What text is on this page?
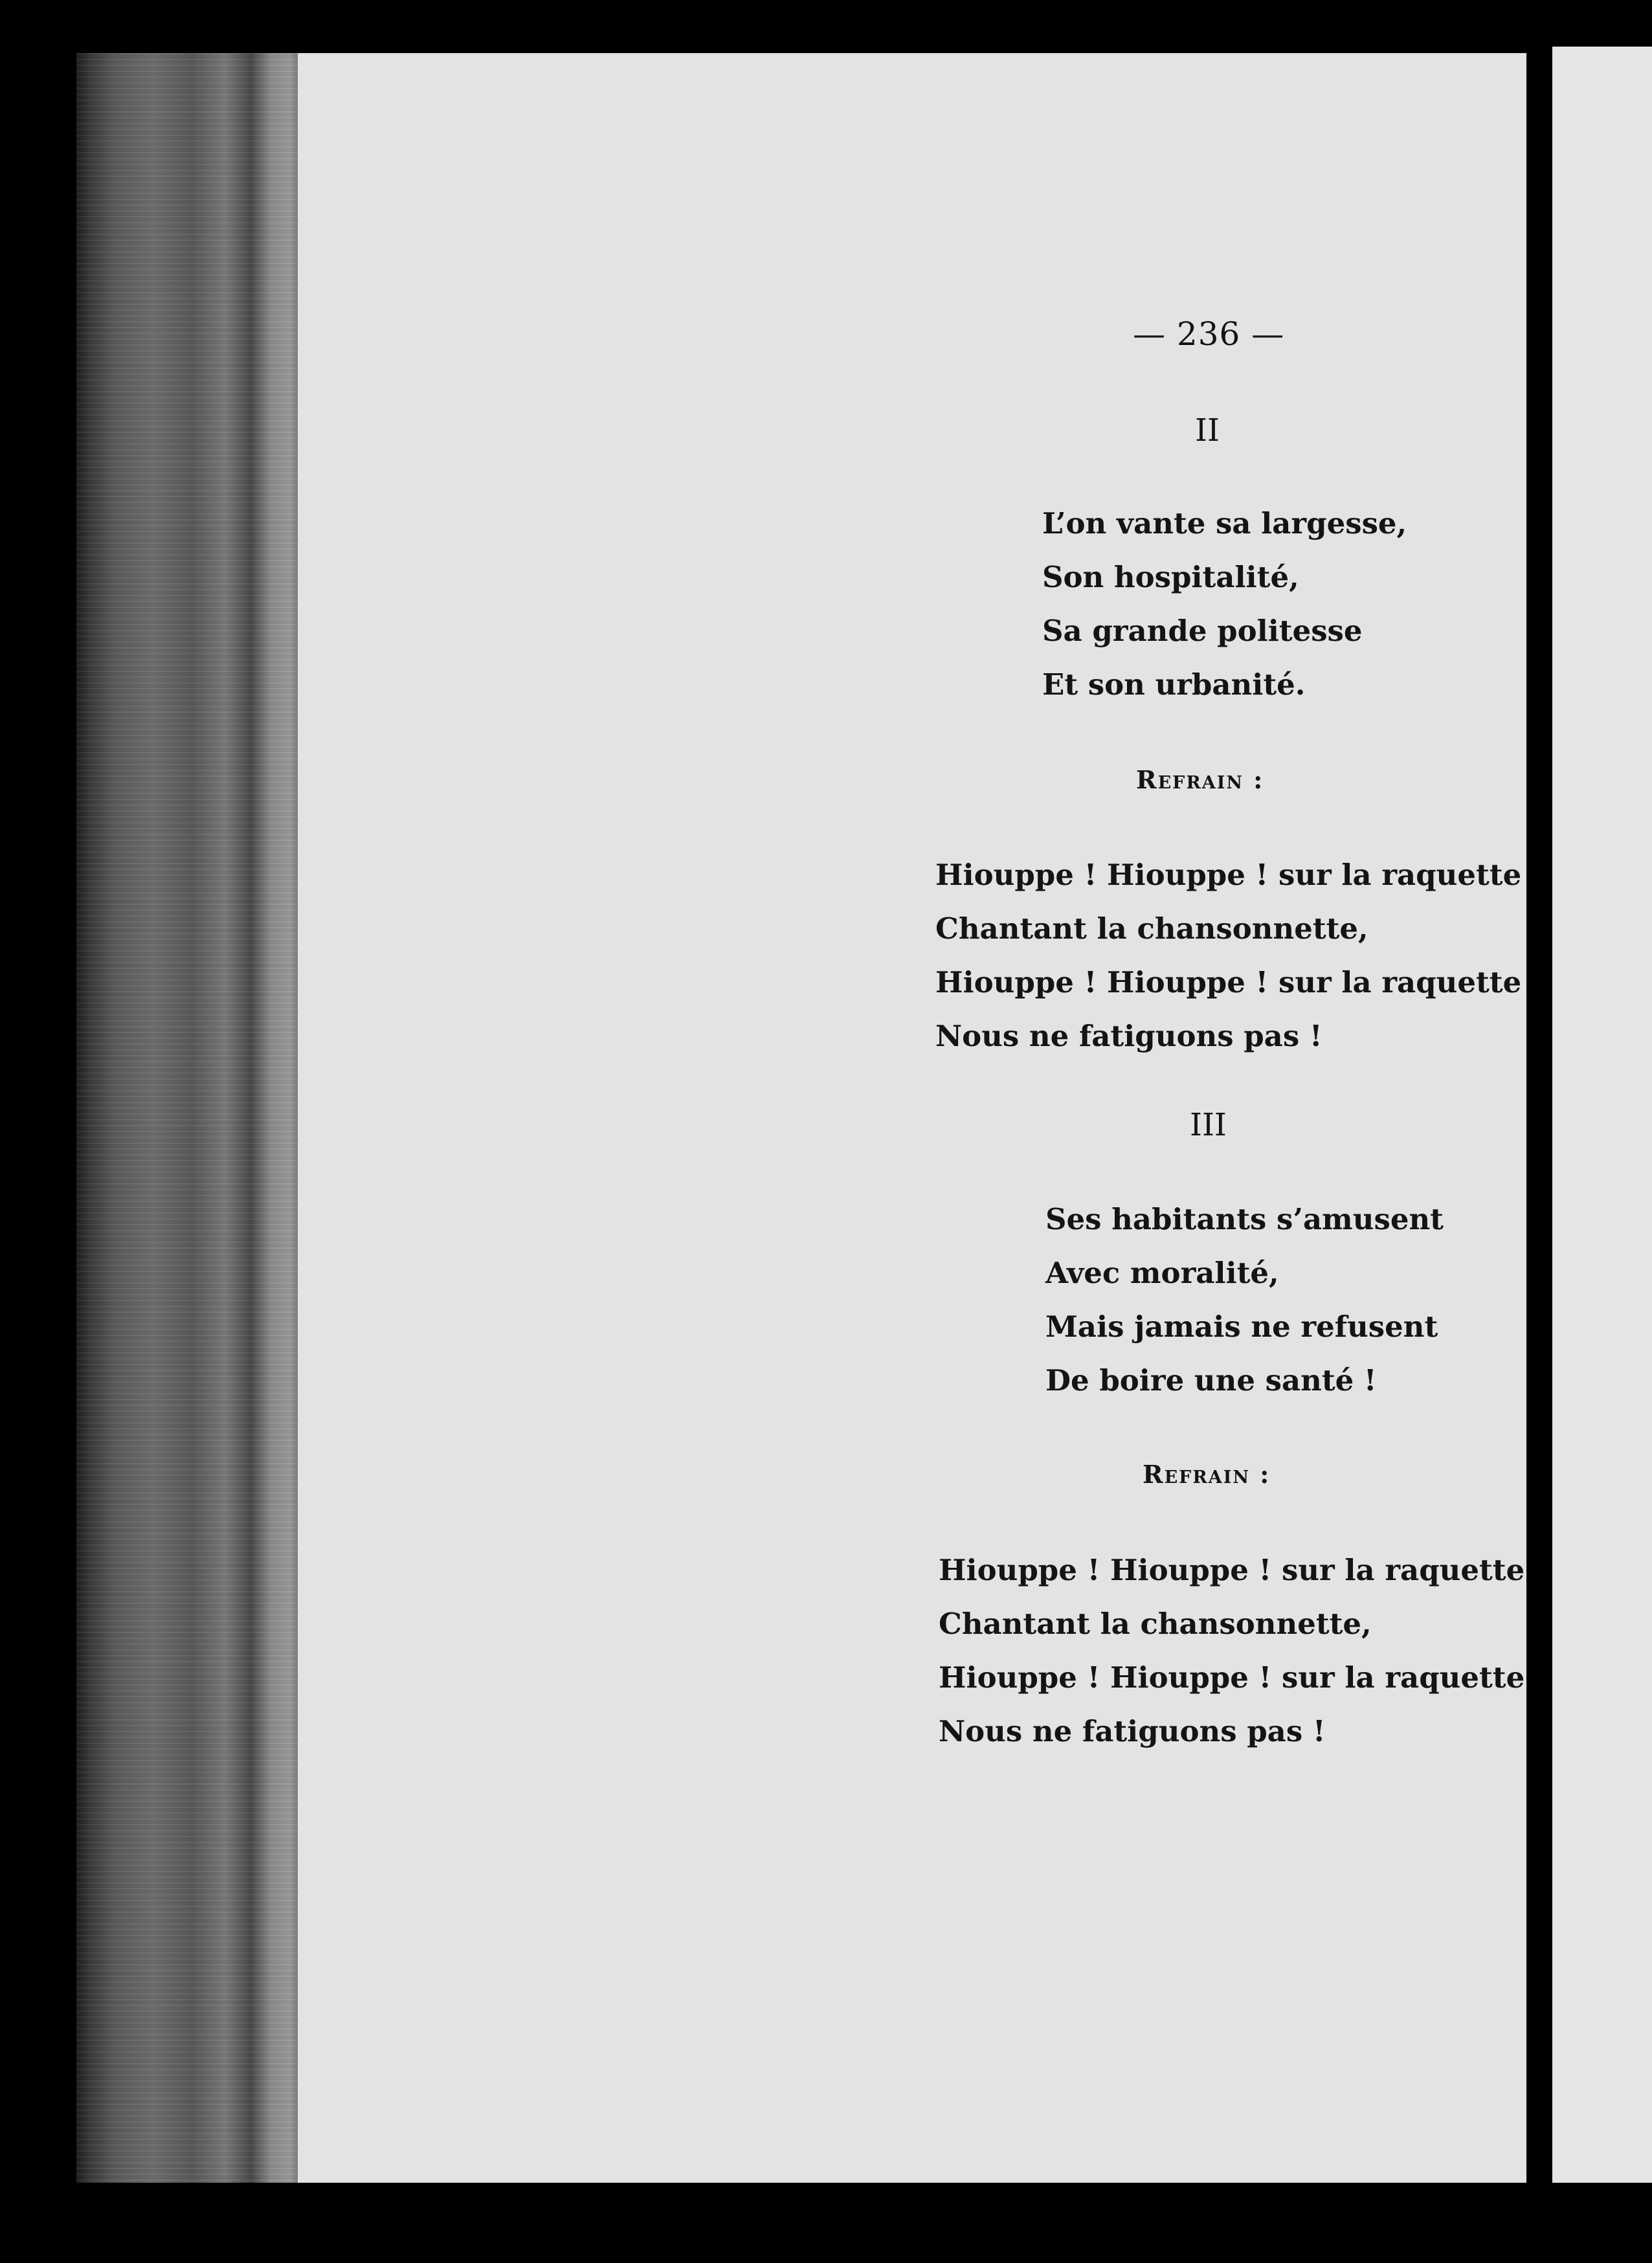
— 236 —

II

L’on vante sa largesse,

Son hospitalité,

Sa grande politesse

Et son urbanité.

Refrain :

Hiouppe ! Hiouppe ! sur la raquette

Chantant la chansonnette,

Hiouppe ! Hiouppe ! sur la raquette

Nous ne fatiguons pas !

III

Ses habitants s’amusent

Avec moralité,

Mais jamais ne refusent

De boire une santé !

Refrain :

Hiouppe ! Hiouppe ! sur la raquette

Chantant la chansonnette,

Hiouppe ! Hiouppe ! sur la raquette

Nous ne fatiguons pas !
